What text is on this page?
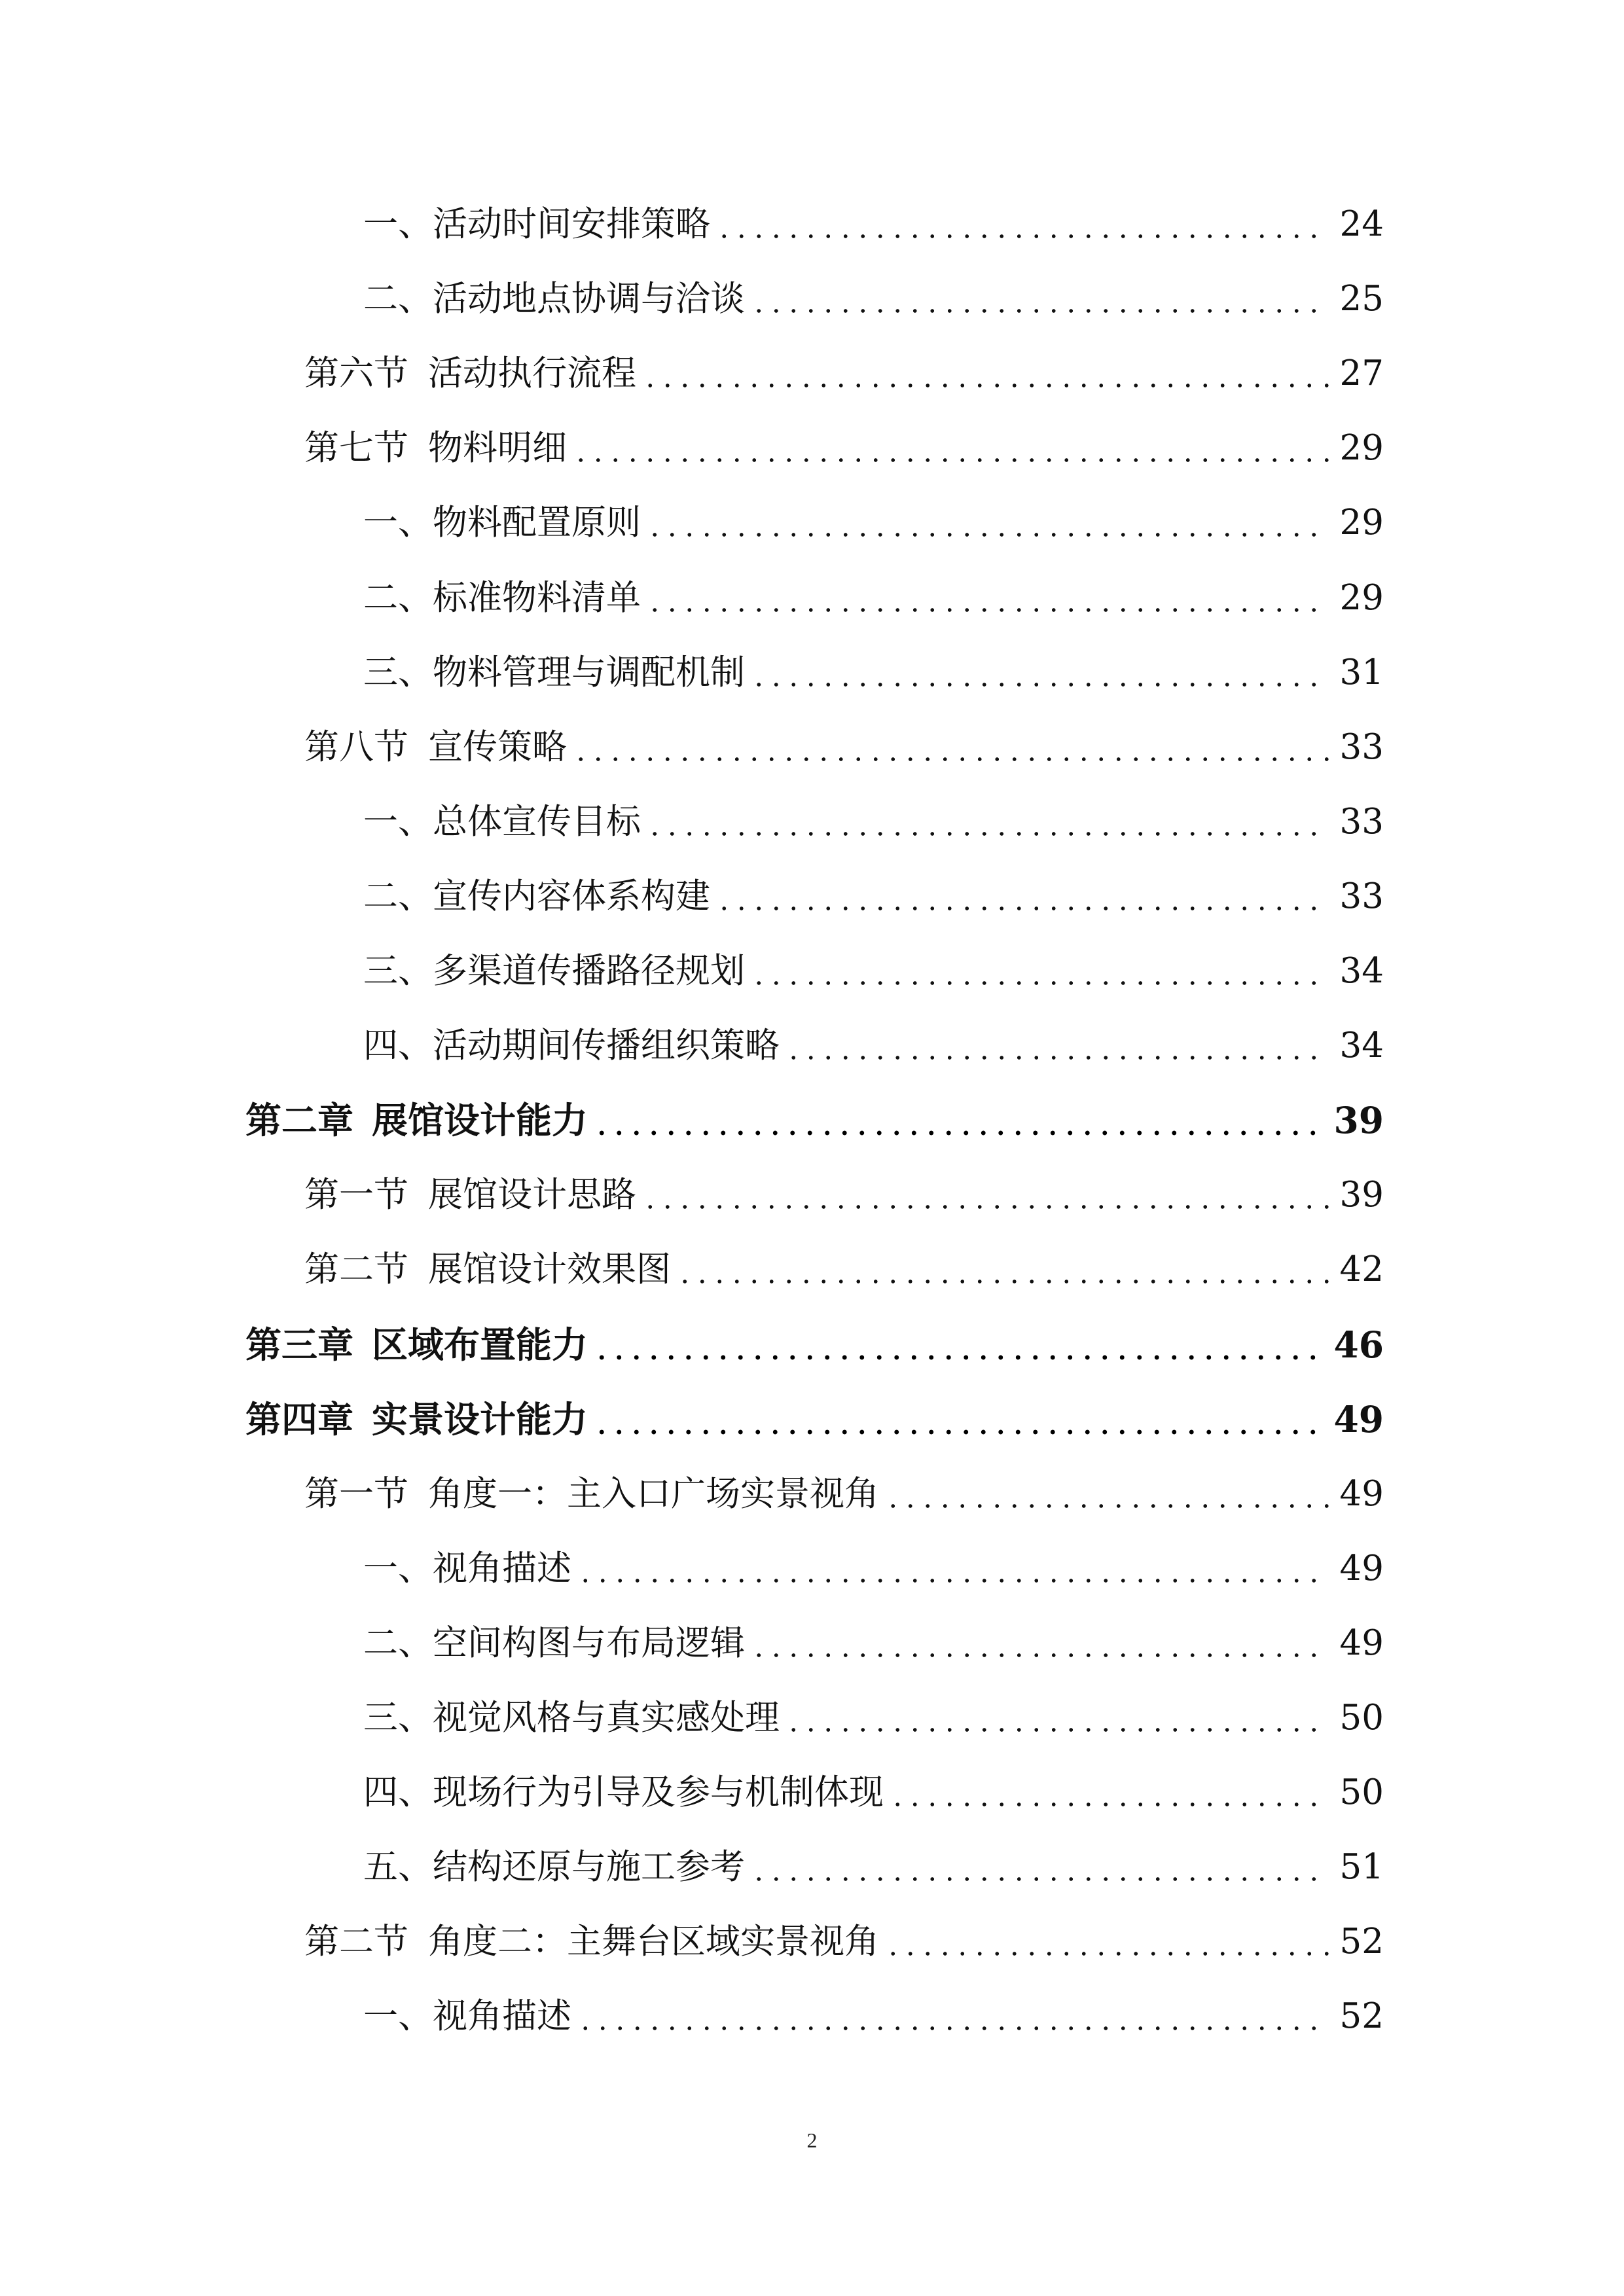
一、活动时间安排策略	24
二、活动地点协调与洽谈	25
第六节 活动执行流程	27
第七节 物料明细	29
一、物料配置原则	29
二、标准物料清单	29
三、物料管理与调配机制	31
第八节 宣传策略	33
一、总体宣传目标	33
二、宣传内容体系构建	33
三、多渠道传播路径规划	34
四、活动期间传播组织策略	34
第二章 展馆设计能力	39
第一节 展馆设计思路	39
第二节 展馆设计效果图	42
第三章 区域布置能力	46
第四章 实景设计能力	49
第一节 角度一：主入口广场实景视角	49
一、视角描述	49
二、空间构图与布局逻辑	49
三、视觉风格与真实感处理	50
四、现场行为引导及参与机制体现	50
五、结构还原与施工参考	51
第二节 角度二：主舞台区域实景视角	52
一、视角描述	52
2
